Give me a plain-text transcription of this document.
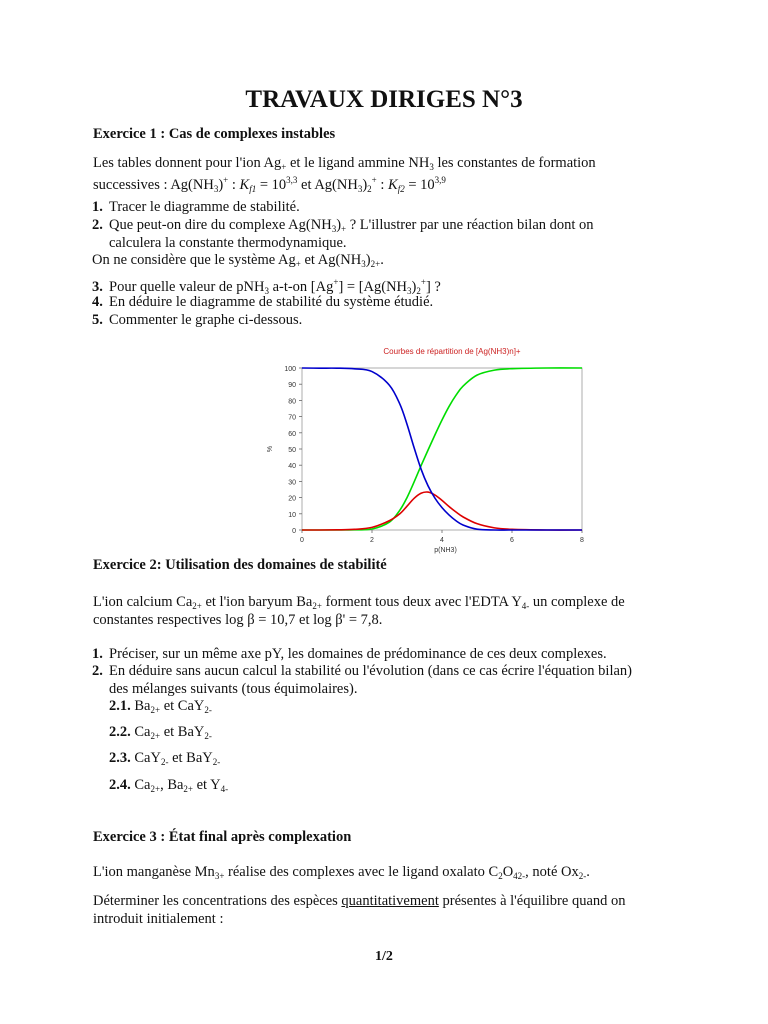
TRAVAUX DIRIGES N°3
Exercice 1 : Cas de complexes instables
Les tables donnent pour l'ion $Ag_+$ et le ligand ammine $NH_3$ les constantes de formation
successives : $Ag(NH_3)^+$ : $K_{f1} = 10^{3,3}$ et $Ag(NH_3)_2^+$ : $K_{f2} = 10^{3,9}$
1. Tracer le diagramme de stabilité.
2. Que peut-on dire du complexe $Ag(NH_3)_+$ ? L'illustrer par une réaction bilan dont on
calculera la constante thermodynamique.
On ne considère que le système $Ag_+$ et $Ag(NH_3)_{2+}$.
3. Pour quelle valeur de pNH$_3$ a-t-on $[Ag^+] = [Ag(NH_3)_2^+]$ ?
4. En déduire le diagramme de stabilité du système étudié.
5. Commenter le graphe ci-dessous.
0
10
20
30
40
50
60
70
80
90
100
0	2	4	6	8
Courbes de répartition de [Ag(NH3)n]+
p(NH3)
%
Exercice 2: Utilisation des domaines de stabilité
L'ion calcium $Ca_{2+}$ et l'ion baryum $Ba_{2+}$ forment tous deux avec l'EDTA $Y_{4-}$ un complexe de
constantes respectives log β = 10,7 et log β' = 7,8.
1. Préciser, sur un même axe pY, les domaines de prédominance de ces deux complexes.
2. En déduire sans aucun calcul la stabilité ou l'évolution (dans ce cas écrire l'équation bilan)
des mélanges suivants (tous équimolaires).
2.1. $Ba_{2+}$ et CaY$_{2-}$
2.2. $Ca_{2+}$ et BaY$_{2-}$
2.3. CaY$_{2-}$ et BaY$_{2-}$
2.4. $Ca_{2+}$, $Ba_{2+}$ et $Y_{4-}$
Exercice 3 : État final après complexation
L'ion manganèse $Mn_{3+}$ réalise des complexes avec le ligand oxalato $C_2O_{42-}$, noté $Ox_{2-}$.
Déterminer les concentrations des espèces quantitativement présentes à l'équilibre quand on
introduit initialement :
1/2
